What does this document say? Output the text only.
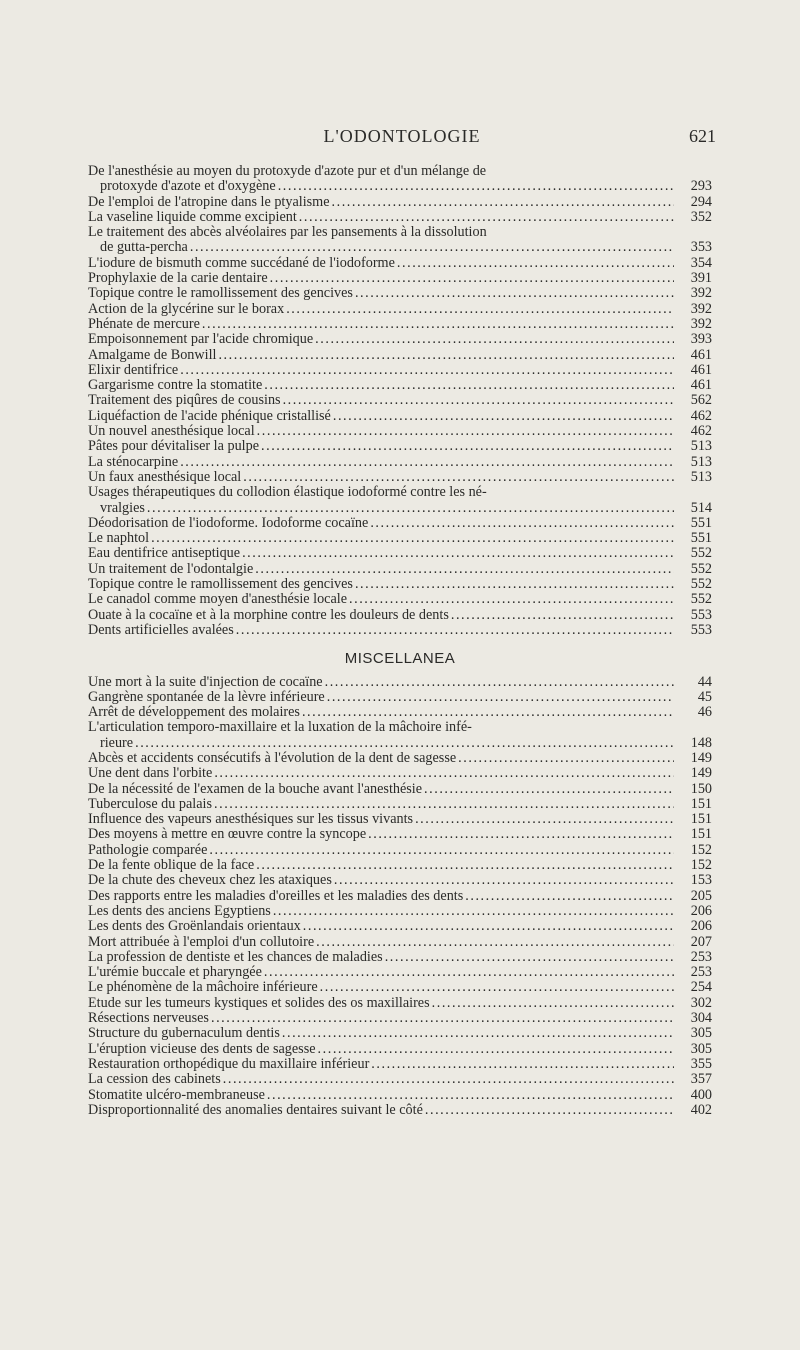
L'ODONTOLOGIE	621
De l'anesthésie au moyen du protoxyde d'azote pur et d'un mélange de
protoxyde d'azote et d'oxygène . . .	293
De l'emploi de l'atropine dans le ptyalisme . . .	294
La vaseline liquide comme excipient . . .	352
Le traitement des abcès alvéolaires par les pansements à la dissolution
de gutta-percha . . .	353
L'iodure de bismuth comme succédané de l'iodoforme . . .	354
Prophylaxie de la carie dentaire . . .	391
Topique contre le ramollissement des gencives . . .	392
Action de la glycérine sur le borax . . .	392
Phénate de mercure . . .	392
Empoisonnement par l'acide chromique . . .	393
Amalgame de Bonwill . . .	461
Elixir dentifrice . . .	461
Gargarisme contre la stomatite . . .	461
Traitement des piqûres de cousins . . .	562
Liquéfaction de l'acide phénique cristallisé . . .	462
Un nouvel anesthésique local . . .	462
Pâtes pour dévitaliser la pulpe . . .	513
La sténocarpine . . .	513
Un faux anesthésique local . . .	513
Usages thérapeutiques du collodion élastique iodoformé contre les né-
vralgies . . .	514
Déodorisation de l'iodoforme. Iodoforme cocaïne . . .	551
Le naphtol . . .	551
Eau dentifrice antiseptique . . .	552
Un traitement de l'odontalgie . . .	552
Topique contre le ramollissement des gencives . . .	552
Le canadol comme moyen d'anesthésie locale . . .	552
Ouate à la cocaïne et à la morphine contre les douleurs de dents . . .	553
Dents artificielles avalées . . .	553
MISCELLANEA
Une mort à la suite d'injection de cocaïne . . .	44
Gangrène spontanée de la lèvre inférieure . . .	45
Arrêt de développement des molaires . . .	46
L'articulation temporo-maxillaire et la luxation de la mâchoire infé-
rieure . . .	148
Abcès et accidents consécutifs à l'évolution de la dent de sagesse . . .	149
Une dent dans l'orbite . . .	149
De la nécessité de l'examen de la bouche avant l'anesthésie . . .	150
Tuberculose du palais . . .	151
Influence des vapeurs anesthésiques sur les tissus vivants . . .	151
Des moyens à mettre en œuvre contre la syncope . . .	151
Pathologie comparée . . .	152
De la fente oblique de la face . . .	152
De la chute des cheveux chez les ataxiques . . .	153
Des rapports entre les maladies d'oreilles et les maladies des dents . . .	205
Les dents des anciens Egyptiens . . .	206
Les dents des Groënlandais orientaux . . .	206
Mort attribuée à l'emploi d'un collutoire . . .	207
La profession de dentiste et les chances de maladies . . .	253
L'urémie buccale et pharyngée . . .	253
Le phénomène de la mâchoire inférieure . . .	254
Etude sur les tumeurs kystiques et solides des os maxillaires . . .	302
Résections nerveuses . . .	304
Structure du gubernaculum dentis . . .	305
L'éruption vicieuse des dents de sagesse . . .	305
Restauration orthopédique du maxillaire inférieur . . .	355
La cession des cabinets . . .	357
Stomatite ulcéro-membraneuse . . .	400
Disproportionnalité des anomalies dentaires suivant le côté . . .	402
